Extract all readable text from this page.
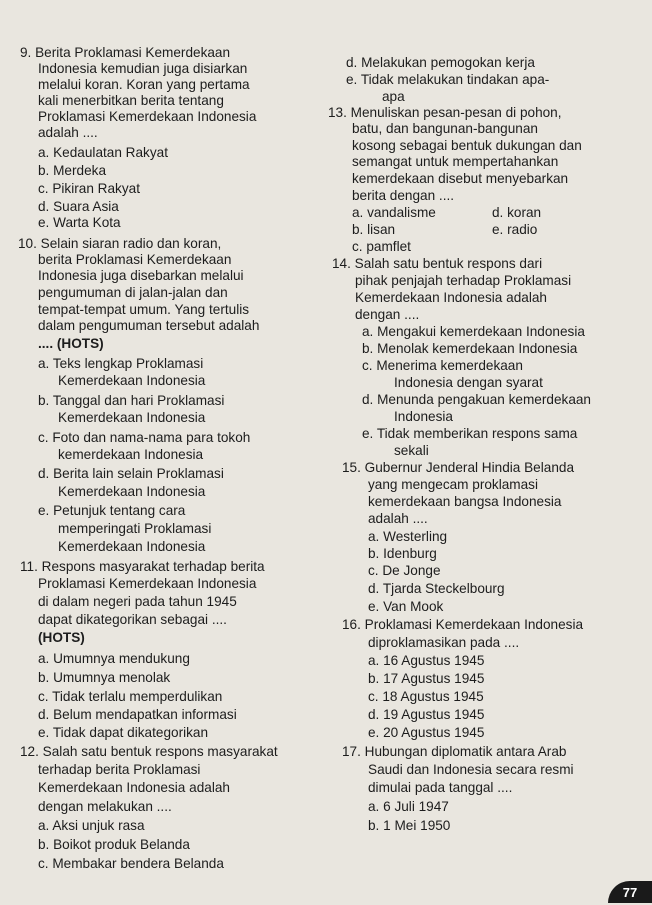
9. Berita Proklamasi Kemerdekaan
Indonesia kemudian juga disiarkan
melalui koran. Koran yang pertama
kali menerbitkan berita tentang
Proklamasi Kemerdekaan Indonesia
adalah ....
a. Kedaulatan Rakyat
b. Merdeka
c. Pikiran Rakyat
d. Suara Asia
e. Warta Kota
10. Selain siaran radio dan koran,
berita Proklamasi Kemerdekaan
Indonesia juga disebarkan melalui
pengumuman di jalan-jalan dan
tempat-tempat umum. Yang tertulis
dalam pengumuman tersebut adalah
.... (HOTS)
a. Teks lengkap Proklamasi
Kemerdekaan Indonesia
b. Tanggal dan hari Proklamasi
Kemerdekaan Indonesia
c. Foto dan nama-nama para tokoh
kemerdekaan Indonesia
d. Berita lain selain Proklamasi
Kemerdekaan Indonesia
e. Petunjuk tentang cara
memperingati Proklamasi
Kemerdekaan Indonesia
11. Respons masyarakat terhadap berita
Proklamasi Kemerdekaan Indonesia
di dalam negeri pada tahun 1945
dapat dikategorikan sebagai ....
(HOTS)
a. Umumnya mendukung
b. Umumnya menolak
c. Tidak terlalu memperdulikan
d. Belum mendapatkan informasi
e. Tidak dapat dikategorikan
12. Salah satu bentuk respons masyarakat
terhadap berita Proklamasi
Kemerdekaan Indonesia adalah
dengan melakukan ....
a. Aksi unjuk rasa
b. Boikot produk Belanda
c. Membakar bendera Belanda
d. Melakukan pemogokan kerja
e. Tidak melakukan tindakan apa-
apa
13. Menuliskan pesan-pesan di pohon,
batu, dan bangunan-bangunan
kosong sebagai bentuk dukungan dan
semangat untuk mempertahankan
kemerdekaan disebut menyebarkan
berita dengan ....
a. vandalisme
b. lisan
c. pamflet
d. koran
e. radio
14. Salah satu bentuk respons dari
pihak penjajah terhadap Proklamasi
Kemerdekaan Indonesia adalah
dengan ....
a. Mengakui kemerdekaan Indonesia
b. Menolak kemerdekaan Indonesia
c. Menerima kemerdekaan
Indonesia dengan syarat
d. Menunda pengakuan kemerdekaan
Indonesia
e. Tidak memberikan respons sama
sekali
15. Gubernur Jenderal Hindia Belanda
yang mengecam proklamasi
kemerdekaan bangsa Indonesia
adalah ....
a. Westerling
b. Idenburg
c. De Jonge
d. Tjarda Steckelbourg
e. Van Mook
16. Proklamasi Kemerdekaan Indonesia
diproklamasikan pada ....
a. 16 Agustus 1945
b. 17 Agustus 1945
c. 18 Agustus 1945
d. 19 Agustus 1945
e. 20 Agustus 1945
17. Hubungan diplomatik antara Arab
Saudi dan Indonesia secara resmi
dimulai pada tanggal ....
a. 6 Juli 1947
b. 1 Mei 1950
77
